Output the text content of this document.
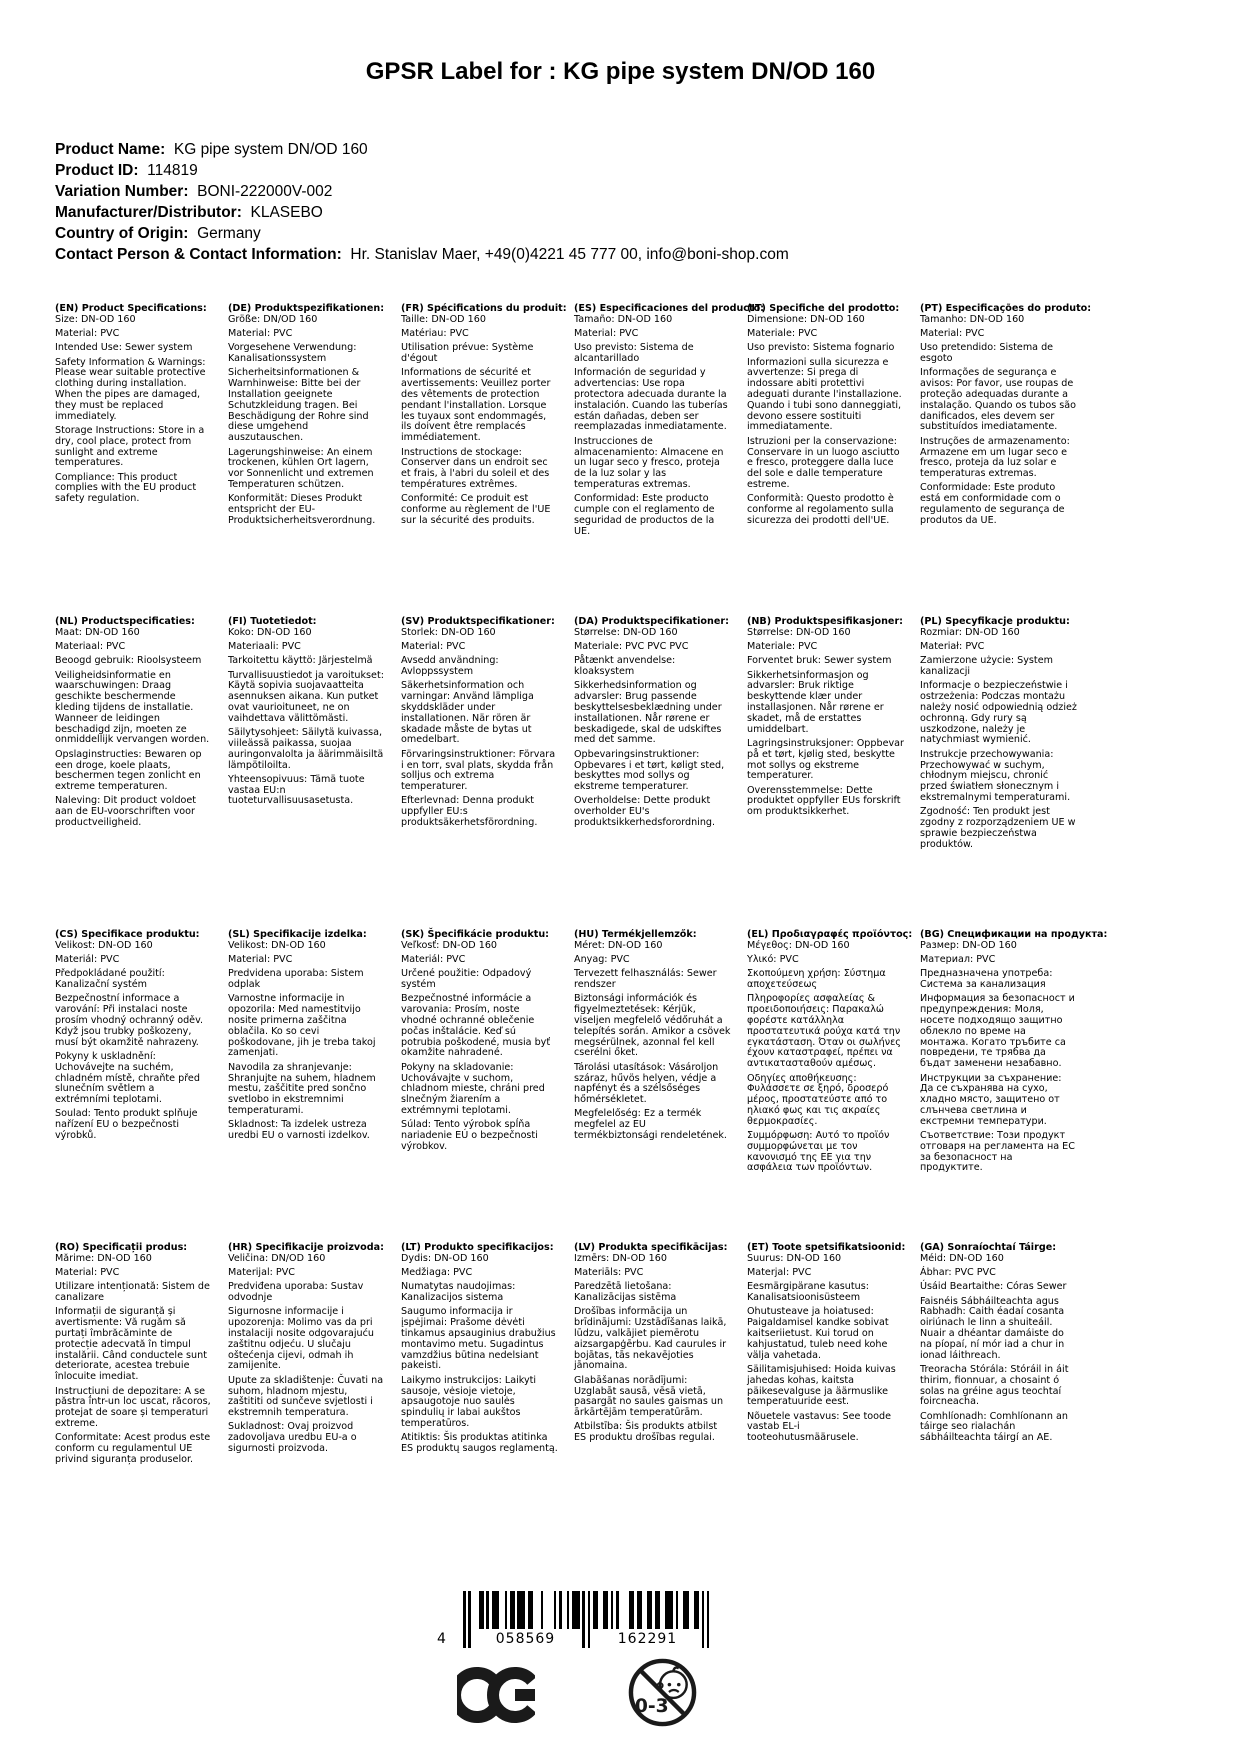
GPSR Label for : KG pipe system DN/OD 160
Product Name:  KG pipe system DN/OD 160
Product ID:  114819
Variation Number:  BONI-222000V-002
Manufacturer/Distributor:  KLASEBO
Country of Origin:  Germany
Contact Person & Contact Information:  Hr. Stanislav Maer, +49(0)4221 45 777 00, info@boni-shop.com
(EN) Product Specifications:

Size: DN-OD 160

Material: PVC

Intended Use: Sewer system

Safety Information & Warnings: Please wear suitable protective clothing during installation. When the pipes are damaged, they must be replaced immediately.

Storage Instructions: Store in a dry, cool place, protect from sunlight and extreme temperatures.

Compliance: This product complies with the EU product safety regulation.

(DE) Produktspezifikationen:

Größe: DN/OD 160

Material: PVC

Vorgesehene Verwendung: Kanalisationssystem

Sicherheitsinformationen & Warnhinweise: Bitte bei der Installation geeignete Schutzkleidung tragen. Bei Beschädigung der Rohre sind diese umgehend auszutauschen.

Lagerungshinweise: An einem trockenen, kühlen Ort lagern, vor Sonnenlicht und extremen Temperaturen schützen.

Konformität: Dieses Produkt entspricht der EU-Produktsicherheitsverordnung.

(FR) Spécifications du produit:

Taille: DN-OD 160

Matériau: PVC

Utilisation prévue: Système d'égout

Informations de sécurité et avertissements: Veuillez porter des vêtements de protection pendant l'installation. Lorsque les tuyaux sont endommagés, ils doivent être remplacés immédiatement.

Instructions de stockage: Conserver dans un endroit sec et frais, à l'abri du soleil et des températures extrêmes.

Conformité: Ce produit est conforme au règlement de l'UE sur la sécurité des produits.

(ES) Especificaciones del producto:

Tamaño: DN-OD 160

Material: PVC

Uso previsto: Sistema de alcantarillado

Información de seguridad y advertencias: Use ropa protectora adecuada durante la instalación. Cuando las tuberías están dañadas, deben ser reemplazadas inmediatamente.

Instrucciones de almacenamiento: Almacene en un lugar seco y fresco, proteja de la luz solar y las temperaturas extremas.

Conformidad: Este producto cumple con el reglamento de seguridad de productos de la UE.

(IT) Specifiche del prodotto:

Dimensione: DN-OD 160

Materiale: PVC

Uso previsto: Sistema fognario

Informazioni sulla sicurezza e avvertenze: Si prega di indossare abiti protettivi adeguati durante l'installazione. Quando i tubi sono danneggiati, devono essere sostituiti immediatamente.

Istruzioni per la conservazione: Conservare in un luogo asciutto e fresco, proteggere dalla luce del sole e dalle temperature estreme.

Conformità: Questo prodotto è conforme al regolamento sulla sicurezza dei prodotti dell'UE.

(PT) Especificações do produto:

Tamanho: DN-OD 160

Material: PVC

Uso pretendido: Sistema de esgoto

Informações de segurança e avisos: Por favor, use roupas de proteção adequadas durante a instalação. Quando os tubos são danificados, eles devem ser substituídos imediatamente.

Instruções de armazenamento: Armazene em um lugar seco e fresco, proteja da luz solar e temperaturas extremas.

Conformidade: Este produto está em conformidade com o regulamento de segurança de produtos da UE.

(NL) Productspecificaties:

Maat: DN-OD 160

Materiaal: PVC

Beoogd gebruik: Rioolsysteem

Veiligheidsinformatie en waarschuwingen: Draag geschikte beschermende kleding tijdens de installatie. Wanneer de leidingen beschadigd zijn, moeten ze onmiddellijk vervangen worden.

Opslaginstructies: Bewaren op een droge, koele plaats, beschermen tegen zonlicht en extreme temperaturen.

Naleving: Dit product voldoet aan de EU-voorschriften voor productveiligheid.

(FI) Tuotetiedot:

Koko: DN-OD 160

Materiaali: PVC

Tarkoitettu käyttö: Järjestelmä

Turvallisuustiedot ja varoitukset: Käytä sopivia suojavaatteita asennuksen aikana. Kun putket ovat vaurioituneet, ne on vaihdettava välittömästi.

Säilytysohjeet: Säilytä kuivassa, viileässä paikassa, suojaa auringonvalolta ja äärimmäisiltä lämpötiloilta.

Yhteensopivuus: Tämä tuote vastaa EU:n tuoteturvallisuusasetusta.

(SV) Produktspecifikationer:

Storlek: DN-OD 160

Material: PVC

Avsedd användning: Avloppssystem

Säkerhetsinformation och varningar: Använd lämpliga skyddskläder under installationen. När rören är skadade måste de bytas ut omedelbart.

Förvaringsinstruktioner: Förvara i en torr, sval plats, skydda från solljus och extrema temperaturer.

Efterlevnad: Denna produkt uppfyller EU:s produktsäkerhetsförordning.

(DA) Produktspecifikationer:

Størrelse: DN-OD 160

Materiale: PVC PVC PVC

Påtænkt anvendelse: kloaksystem

Sikkerhedsinformation og advarsler: Brug passende beskyttelsesbeklædning under installationen. Når rørene er beskadigede, skal de udskiftes med det samme.

Opbevaringsinstruktioner: Opbevares i et tørt, køligt sted, beskyttes mod sollys og ekstreme temperaturer.

Overholdelse: Dette produkt overholder EU's produktsikkerhedsforordning.

(NB) Produktspesifikasjoner:

Størrelse: DN-OD 160

Materiale: PVC

Forventet bruk: Sewer system

Sikkerhetsinformasjon og advarsler: Bruk riktige beskyttende klær under installasjonen. Når rørene er skadet, må de erstattes umiddelbart.

Lagringsinstruksjoner: Oppbevar på et tørt, kjølig sted, beskytte mot sollys og ekstreme temperaturer.

Overensstemmelse: Dette produktet oppfyller EUs forskrift om produktsikkerhet.

(PL) Specyfikacje produktu:

Rozmiar: DN-OD 160

Materiał: PVC

Zamierzone użycie: System kanalizacji

Informacje o bezpieczeństwie i ostrzeżenia: Podczas montażu należy nosić odpowiednią odzież ochronną. Gdy rury są uszkodzone, należy je natychmiast wymienić.

Instrukcje przechowywania: Przechowywać w suchym, chłodnym miejscu, chronić przed światłem słonecznym i ekstremalnymi temperaturami.

Zgodność: Ten produkt jest zgodny z rozporządzeniem UE w sprawie bezpieczeństwa produktów.

(CS) Specifikace produktu:

Velikost: DN-OD 160

Materiál: PVC

Předpokládané použití: Kanalizační systém

Bezpečnostní informace a varování: Při instalaci noste prosím vhodný ochranný oděv. Když jsou trubky poškozeny, musí být okamžitě nahrazeny.

Pokyny k uskladnění: Uchovávejte na suchém, chladném místě, chraňte před slunečním světlem a extrémními teplotami.

Soulad: Tento produkt splňuje nařízení EU o bezpečnosti výrobků.

(SL) Specifikacije izdelka:

Velikost: DN-OD 160

Material: PVC

Predvidena uporaba: Sistem odplak

Varnostne informacije in opozorila: Med namestitvijo nosite primerna zaščitna oblačila. Ko so cevi poškodovane, jih je treba takoj zamenjati.

Navodila za shranjevanje: Shranjujte na suhem, hladnem mestu, zaščitite pred sončno svetlobo in ekstremnimi temperaturami.

Skladnost: Ta izdelek ustreza uredbi EU o varnosti izdelkov.

(SK) Špecifikácie produktu:

Veľkosť: DN-OD 160

Materiál: PVC

Určené použitie: Odpadový systém

Bezpečnostné informácie a varovania: Prosím, noste vhodné ochranné oblečenie počas inštalácie. Keď sú potrubia poškodené, musia byť okamžite nahradené.

Pokyny na skladovanie: Uchovávajte v suchom, chladnom mieste, chráni pred slnečným žiarením a extrémnymi teplotami.

Súlad: Tento výrobok spĺňa nariadenie EÚ o bezpečnosti výrobkov.

(HU) Termékjellemzők:

Méret: DN-OD 160

Anyag: PVC

Tervezett felhasználás: Sewer rendszer

Biztonsági információk és figyelmeztetések: Kérjük, viseljen megfelelő védőruhát a telepítés során. Amikor a csövek megsérülnek, azonnal fel kell cserélni őket.

Tárolási utasítások: Vásároljon száraz, hűvös helyen, védje a napfényt és a szélsőséges hőmérsékletet.

Megfelelőség: Ez a termék megfelel az EU termékbiztonsági rendeletének.

(EL) Προδιαγραφές προϊόντος:

Μέγεθος: DN-OD 160

Υλικό: PVC

Σκοπούμενη χρήση: Σύστημα αποχετεύσεως

Πληροφορίες ασφαλείας & προειδοποιήσεις: Παρακαλώ φορέστε κατάλληλα προστατευτικά ρούχα κατά την εγκατάσταση. Όταν οι σωλήνες έχουν καταστραφεί, πρέπει να αντικατασταθούν αμέσως.

Οδηγίες αποθήκευσης: Φυλάσσετε σε ξηρό, δροσερό μέρος, προστατεύστε από το ηλιακό φως και τις ακραίες θερμοκρασίες.

Συμμόρφωση: Αυτό το προϊόν συμμορφώνεται με τον κανονισμό της ΕΕ για την ασφάλεια των προϊόντων.

(BG) Спецификации на продукта:

Размер: DN-OD 160

Материал: PVC

Предназначена употреба: Система за канализация

Информация за безопасност и предупреждения: Моля, носете подходящо защитно облекло по време на монтажа. Когато тръбите са повредени, те трябва да бъдат заменени незабавно.

Инструкции за съхранение: Да се съхранява на сухо, хладно място, защитено от слънчева светлина и екстремни температури.

Съответствие: Този продукт отговаря на регламента на ЕС за безопасност на продуктите.

(RO) Specificații produs:

Mărime: DN-OD 160

Material: PVC

Utilizare intenționată: Sistem de canalizare

Informații de siguranță și avertismente: Vă rugăm să purtați îmbrăcăminte de protecție adecvată în timpul instalării. Când conductele sunt deteriorate, acestea trebuie înlocuite imediat.

Instrucțiuni de depozitare: A se păstra într-un loc uscat, răcoros, protejat de soare și temperaturi extreme.

Conformitate: Acest produs este conform cu regulamentul UE privind siguranța produselor.

(HR) Specifikacije proizvoda:

Veličina: DN/OD 160

Materijal: PVC

Predviđena uporaba: Sustav odvodnje

Sigurnosne informacije i upozorenja: Molimo vas da pri instalaciji nosite odgovarajuću zaštitnu odjeću. U slučaju oštećenja cijevi, odmah ih zamijenite.

Upute za skladištenje: Čuvati na suhom, hladnom mjestu, zaštititi od sunčeve svjetlosti i ekstremnih temperatura.

Sukladnost: Ovaj proizvod zadovoljava uredbu EU-a o sigurnosti proizvoda.

(LT) Produkto specifikacijos:

Dydis: DN-OD 160

Medžiaga: PVC

Numatytas naudojimas: Kanalizacijos sistema

Saugumo informacija ir įspėjimai: Prašome dėvėti tinkamus apsauginius drabužius montavimo metu. Sugadintus vamzdžius būtina nedelsiant pakeisti.

Laikymo instrukcijos: Laikyti sausoje, vėsioje vietoje, apsaugotoje nuo saulės spindulių ir labai aukštos temperatūros.

Atitiktis: Šis produktas atitinka ES produktų saugos reglamentą.

(LV) Produkta specifikācijas:

Izmērs: DN-OD 160

Materiāls: PVC

Paredzētā lietošana: Kanalizācijas sistēma

Drošības informācija un brīdinājumi: Uzstādīšanas laikā, lūdzu, valkājiet piemērotu aizsargapģērbu. Kad caurules ir bojātas, tās nekavējoties jānomaina.

Glabāšanas norādījumi: Uzglabāt sausā, vēsā vietā, pasargāt no saules gaismas un ārkārtējām temperatūrām.

Atbilstība: Šis produkts atbilst ES produktu drošības regulai.

(ET) Toote spetsifikatsioonid:

Suurus: DN-OD 160

Materjal: PVC

Eesmärgipärane kasutus: Kanalisatsioonisüsteem

Ohutusteave ja hoiatused: Paigaldamisel kandke sobivat kaitseriietust. Kui torud on kahjustatud, tuleb need kohe välja vahetada.

Säilitamisjuhised: Hoida kuivas jahedas kohas, kaitsta päikesevalguse ja äärmuslike temperatuuride eest.

Nõuetele vastavus: See toode vastab EL-i tooteohutusmäärusele.

(GA) Sonraíochtaí Táirge:

Méid: DN-OD 160

Ábhar: PVC PVC

Úsáid Beartaithe: Córas Sewer

Faisnéis Sábháilteachta agus Rabhadh: Caith éadaí cosanta oiriúnach le linn a shuiteáil. Nuair a dhéantar damáiste do na píopaí, ní mór iad a chur in ionad láithreach.

Treoracha Stórála: Stóráil in áit thirim, fionnuar, a chosaint ó solas na gréine agus teochtaí foircneacha.

Comhlíonadh: Comhlíonann an táirge seo rialachán sábháilteachta táirgí an AE.

4	058569	162291
0-3
